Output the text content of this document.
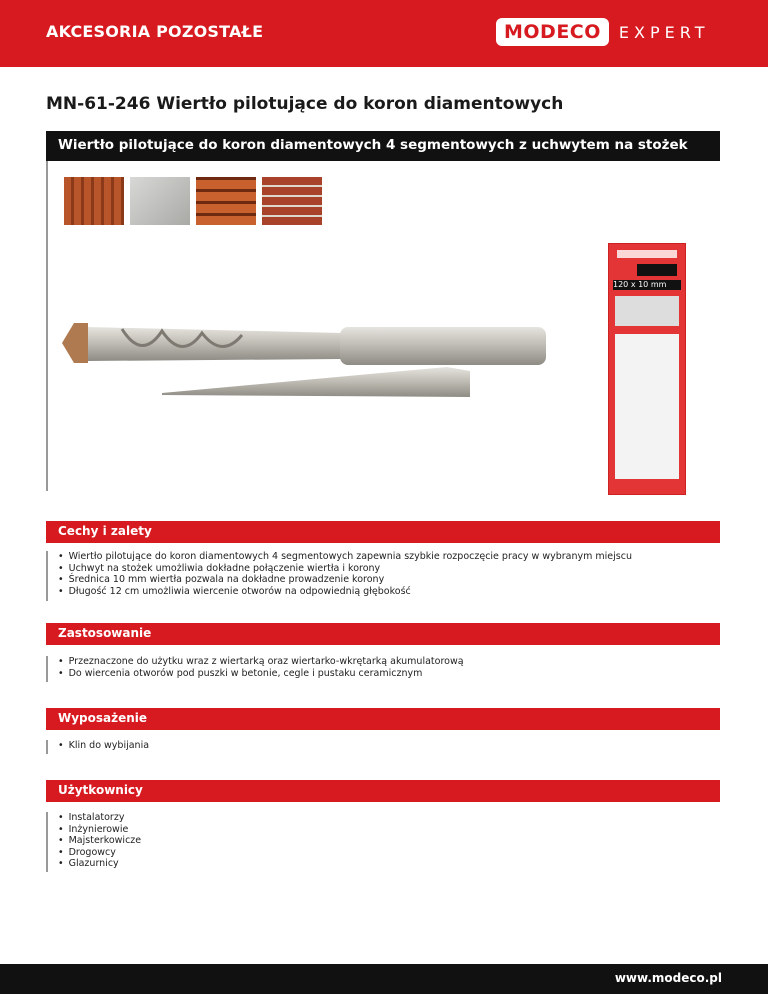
AKCESORIA POZOSTAŁE	MODECO	EXPERT
MN-61-246 Wiertło pilotujące do koron diamentowych
Wiertło pilotujące do koron diamentowych 4 segmentowych z uchwytem na stożek
120 x 10 mm
Cechy i zalety
• Wiertło pilotujące do koron diamentowych 4 segmentowych zapewnia szybkie rozpoczęcie pracy w wybranym miejscu
• Uchwyt na stożek umożliwia dokładne połączenie wiertła i korony
• Średnica 10 mm wiertła pozwala na dokładne prowadzenie korony
• Długość 12 cm umożliwia wiercenie otworów na odpowiednią głębokość
Zastosowanie
• Przeznaczone do użytku wraz z wiertarką oraz wiertarko-wkrętarką akumulatorową
• Do wiercenia otworów pod puszki w betonie, cegle i pustaku ceramicznym
Wyposażenie
• Klin do wybijania
Użytkownicy
• Instalatorzy
• Inżynierowie
• Majsterkowicze
• Drogowcy
• Glazurnicy
www.modeco.pl
